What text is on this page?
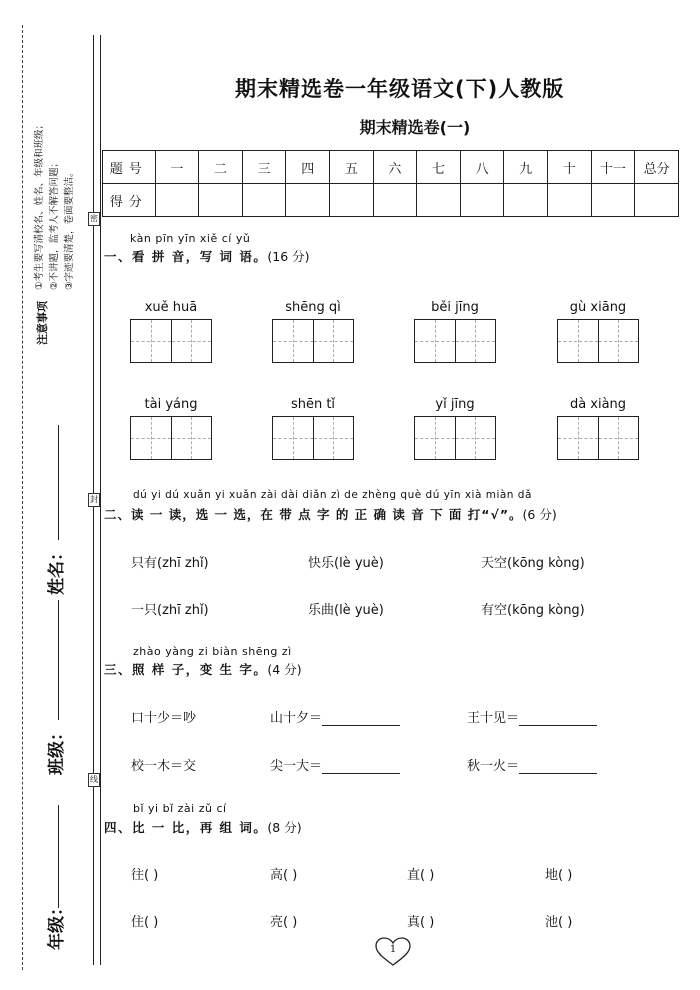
注意事项
①考生要写清校名、姓名、年级和班级； ②不讲题，监考人不解答问题； ③字迹要清楚，卷面要整洁。
年级：
班级：
姓名：
密
封
线
期末精选卷一年级语文(下)人教版
期末精选卷(一)
题号	一	二	三	四	五	六	七	八	九	十	十一	总分
得分												
kàn pīn yīn xiě cí yǔ
一、看 拼 音，写 词 语。(16 分)
xuě huā	shēng qì	běi jīng	gù xiāng
tài yáng	shēn tǐ	yǐ jīng	dà xiàng
dú yi dú xuǎn yi xuǎn zài dài diǎn zì de zhèng què dú yīn xià miàn dǎ
二、读 一 读，选 一 选，在 带 点 字 的 正 确 读 音 下 面 打“√”。(6 分)
只有(zhī zhǐ)	快乐(lè yuè)	天空(kōng kòng)
一只(zhī zhǐ)	乐曲(lè yuè)	有空(kōng kòng)
zhào yàng zi biàn shēng zì
三、照 样 子，变 生 字。(4 分)
口十少＝吵	山十夕＝	王十见＝
校一木＝交	尖一大＝	秋一火＝
bǐ yi bǐ zài zǔ cí
四、比 一 比，再 组 词。(8 分)
往( )	高( )	直( )	地( )
住( )	亮( )	真( )	池( )
1
